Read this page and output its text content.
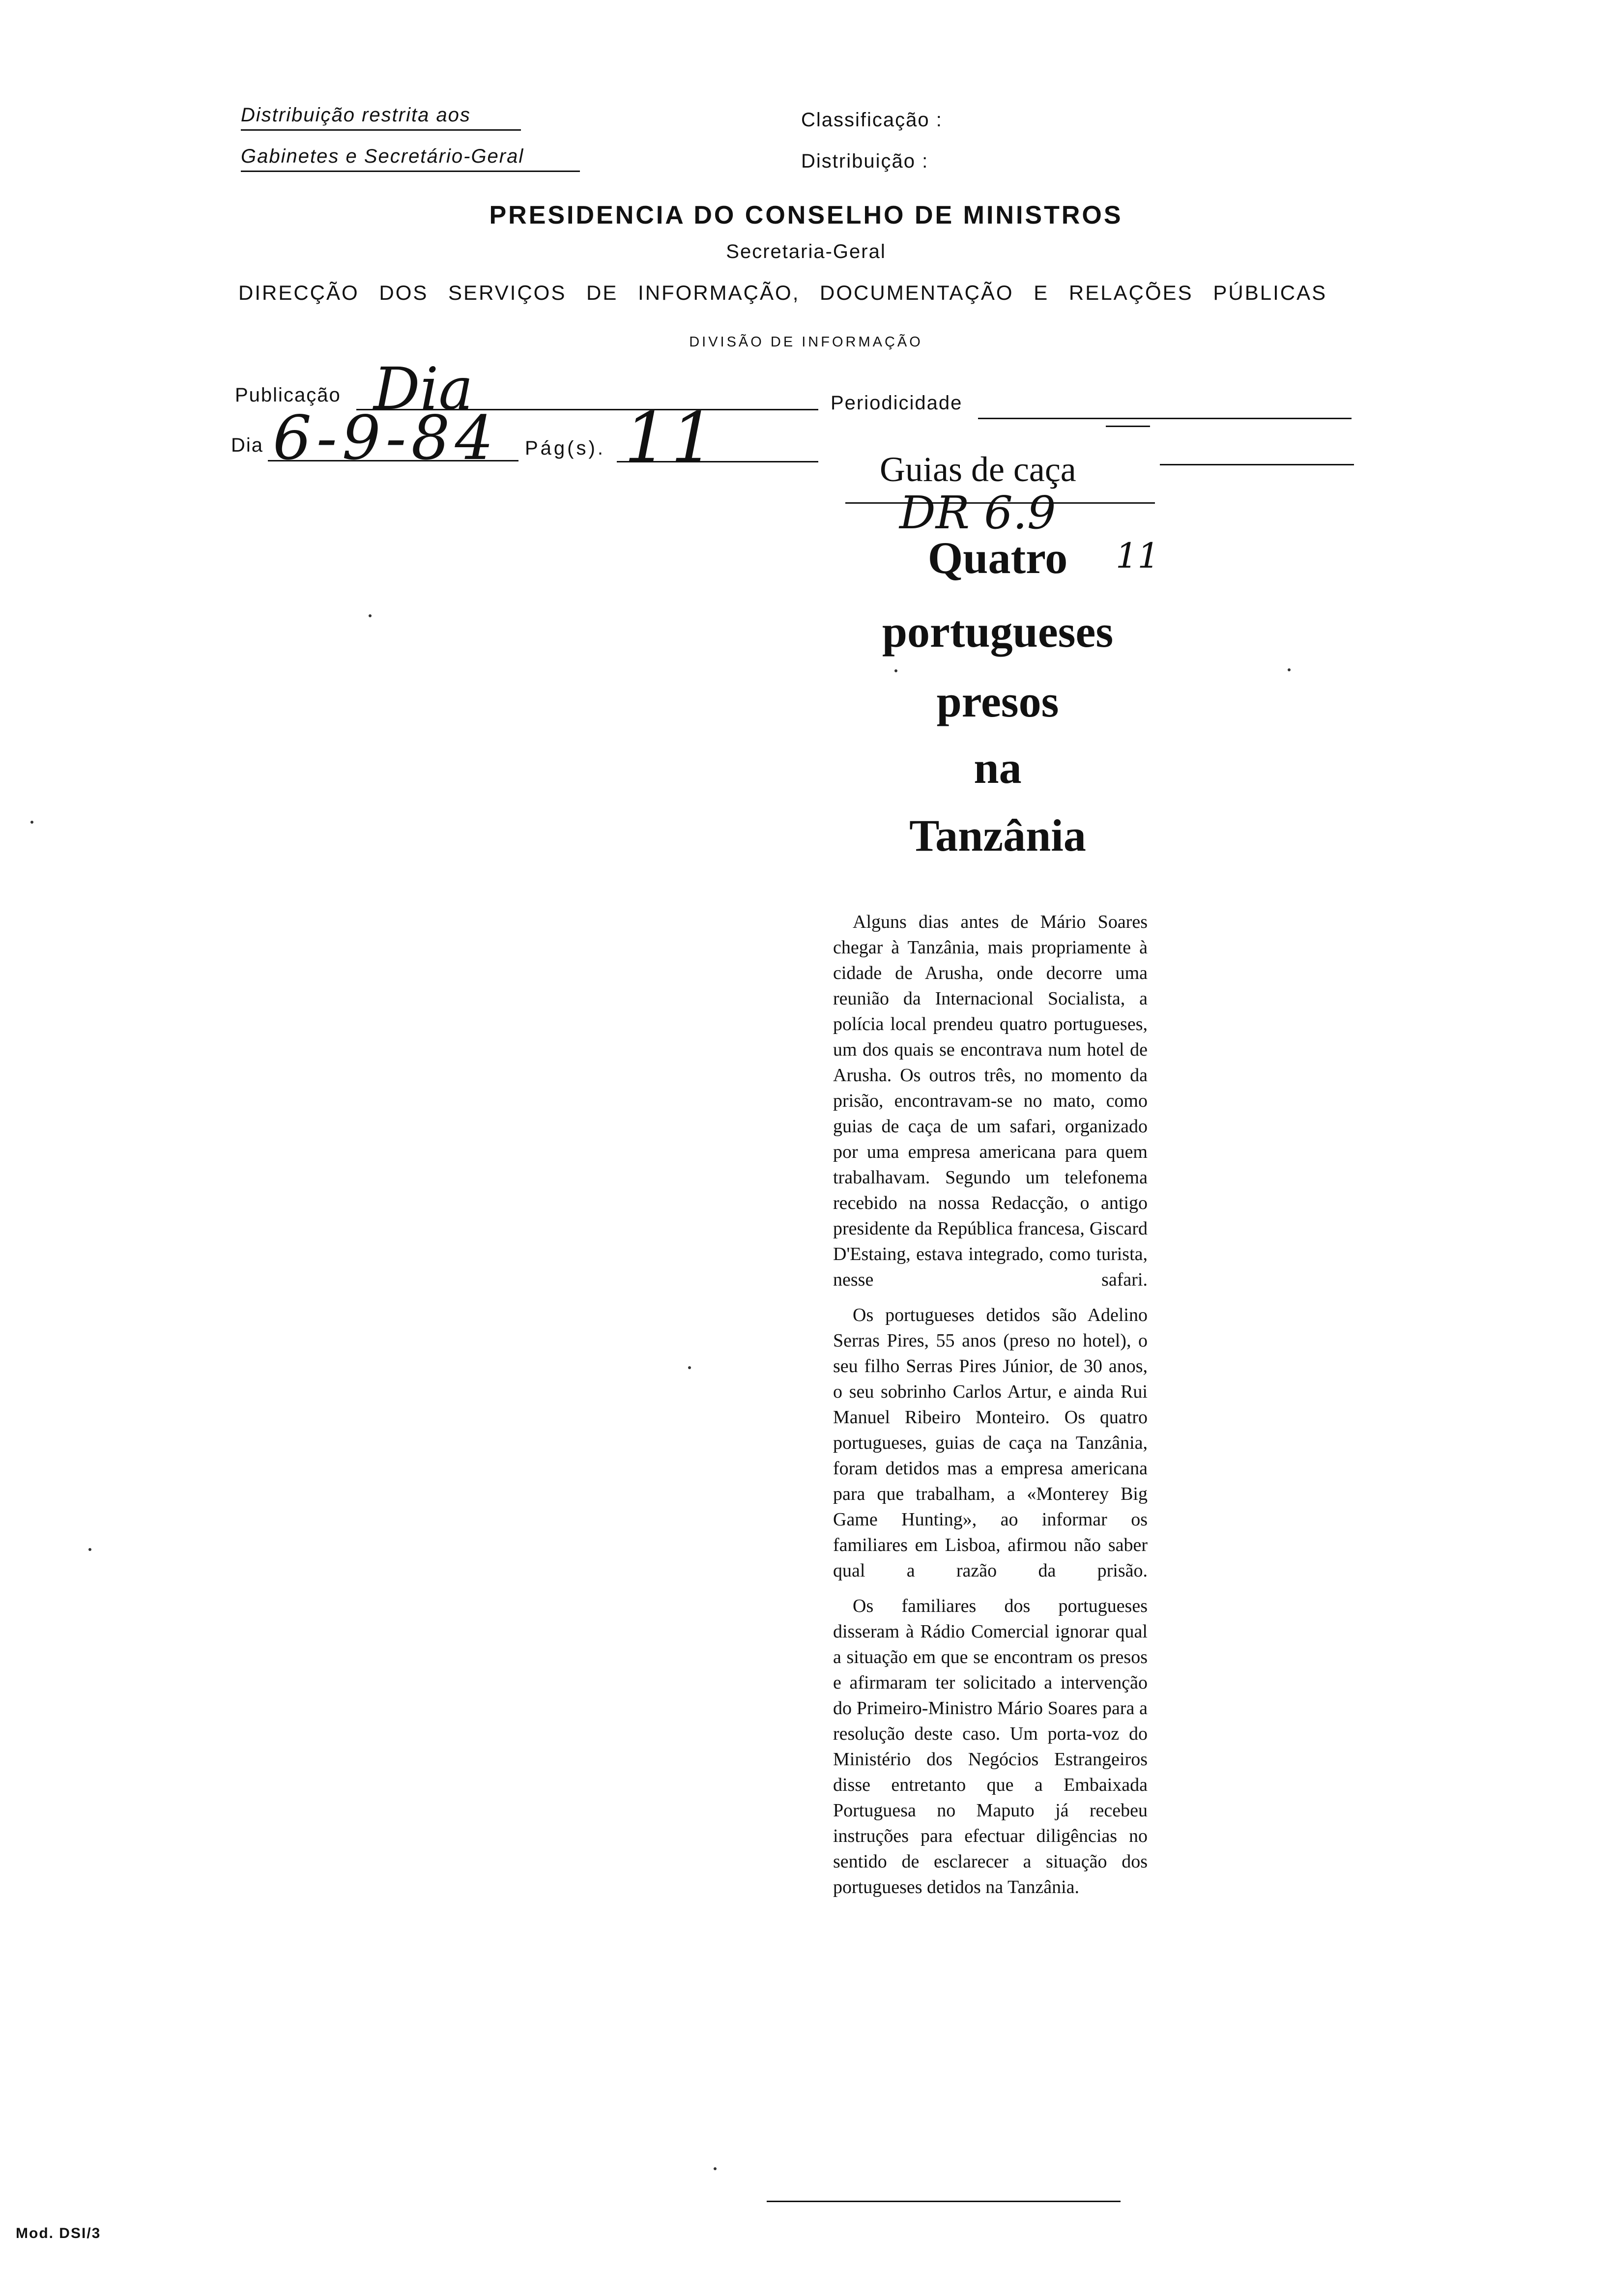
Distribuição restrita aos
Gabinetes e Secretário-Geral
Classificação :
Distribuição :
PRESIDENCIA DO CONSELHO DE MINISTROS
Secretaria-Geral
DIRECÇÃO DOS SERVIÇOS DE INFORMAÇÃO, DOCUMENTAÇÃO E RELAÇÕES PÚBLICAS
DIVISÃO DE INFORMAÇÃO
Publicação Dia	Periodicidade
Dia 6-9-84 Pág(s). 11	Guias de caça
DR 6.9
Quatro
portugueses
presos
na
Tanzânia
11

Alguns dias antes de Mário Soares chegar à Tanzânia, mais propriamente à cidade de Arusha, onde decorre uma reunião da Internacional Socialista, a polícia local prendeu quatro portugueses, um dos quais se encontrava num hotel de Arusha. Os outros três, no momento da prisão, encontravam-se no mato, como guias de caça de um safari, organizado por uma empresa americana para quem trabalhavam. Segundo um telefonema recebido na nossa Redacção, o antigo presidente da República francesa, Giscard D'Estaing, estava integrado, como turista, nesse safari.

Os portugueses detidos são Adelino Serras Pires, 55 anos (preso no hotel), o seu filho Serras Pires Júnior, de 30 anos, o seu sobrinho Carlos Artur, e ainda Rui Manuel Ribeiro Monteiro. Os quatro portugueses, guias de caça na Tanzânia, foram detidos mas a empresa americana para que trabalham, a «Monterey Big Game Hunting», ao informar os familiares em Lisboa, afirmou não saber qual a razão da prisão.

Os familiares dos portugueses disseram à Rádio Comercial ignorar qual a situação em que se encontram os presos e afirmaram ter solicitado a intervenção do Primeiro-Ministro Mário Soares para a resolução deste caso. Um porta-voz do Ministério dos Negócios Estrangeiros disse entretanto que a Embaixada Portuguesa no Maputo já recebeu instruções para efectuar diligências no sentido de esclarecer a situação dos portugueses detidos na Tanzânia.

Mod. DSI/3
